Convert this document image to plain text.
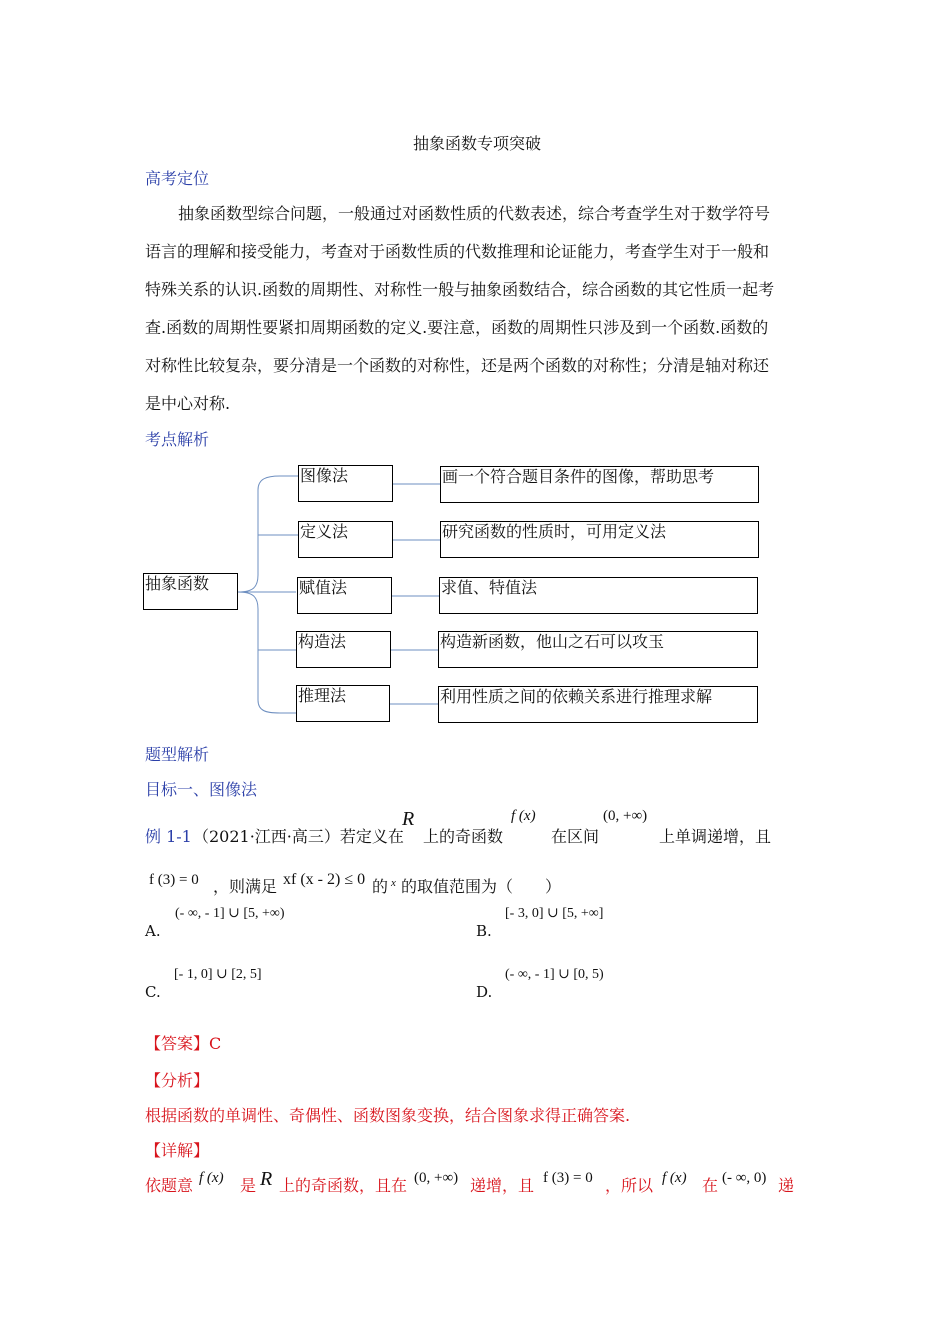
抽象函数专项突破
高考定位
抽象函数型综合问题，一般通过对函数性质的代数表述，综合考查学生对于数学符号
语言的理解和接受能力，考查对于函数性质的代数推理和论证能力，考查学生对于一般和
特殊关系的认识.函数的周期性、对称性一般与抽象函数结合，综合函数的其它性质一起考
查.函数的周期性要紧扣周期函数的定义.要注意，函数的周期性只涉及到一个函数.函数的
对称性比较复杂，要分清是一个函数的对称性，还是两个函数的对称性；分清是轴对称还
是中心对称.
考点解析
抽象函数
图像法
定义法
赋值法
构造法
推理法
画一个符合题目条件的图像，帮助思考
研究函数的性质时，可用定义法
求值、特值法
构造新函数，他山之石可以攻玉
利用性质之间的依赖关系进行推理求解
题型解析
目标一、图像法
例 1-1 （2021·江西·高三）若定义在
R
上的奇函数
f (x)
在区间
(0, +∞)
上单调递增，且
f (3) = 0 ，则满足 xf (x - 2) ≤ 0 的 x 的取值范围为（　　）
A.
(- ∞, - 1] ∪ [5, +∞)
B.
[- 3, 0] ∪ [5, +∞]
C.
[- 1, 0] ∪ [2, 5]
D.
(- ∞, - 1] ∪ [0, 5)
【答案】C
【分析】
根据函数的单调性、奇偶性、函数图象变换，结合图象求得正确答案.
【详解】
依题意 f (x) 是 R 上的奇函数，且在 (0, +∞) 递增，且 f (3) = 0 ，所以 f (x) 在 (- ∞, 0) 递
